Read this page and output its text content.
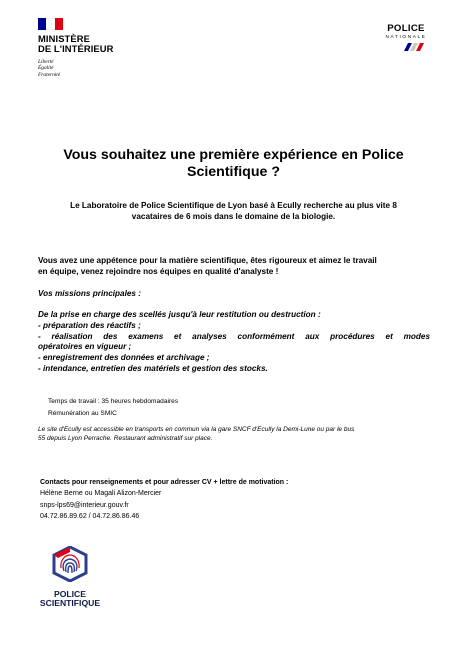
MINISTÈRE
DE L'INTÉRIEUR
Liberté
Égalité
Fraternité
POLICE
NATIONALE
Vous souhaitez une première expérience en Police
Scientifique ?
Le Laboratoire de Police Scientifique de Lyon basé à Ecully recherche au plus vite 8
vacataires de 6 mois dans le domaine de la biologie.
Vous avez une appétence pour la matière scientifique, êtes rigoureux et aimez le travail
en équipe, venez rejoindre nos équipes en qualité d'analyste !
Vos missions principales :
De la prise en charge des scellés jusqu'à leur restitution ou destruction :
- préparation des réactifs ;
- réalisation des examens et analyses conformément aux procédures et modes
opératoires en vigueur ;
- enregistrement des données et archivage ;
- intendance, entretien des matériels et gestion des stocks.
Temps de travail : 35 heures hebdomadaires
Rémunération au SMIC
Le site d'Ecully est accessible en transports en commun via la gare SNCF d'Ecully la Demi-Lune ou par le bus
55 depuis Lyon Perrache. Restaurant administratif sur place.
Contacts pour renseignements et pour adresser CV + lettre de motivation :
Hélène Berne ou Magali Alizon-Mercier
snps-lps69@interieur.gouv.fr
04.72.86.89.62 / 04.72.86.86.46
POLICE
SCIENTIFIQUE
